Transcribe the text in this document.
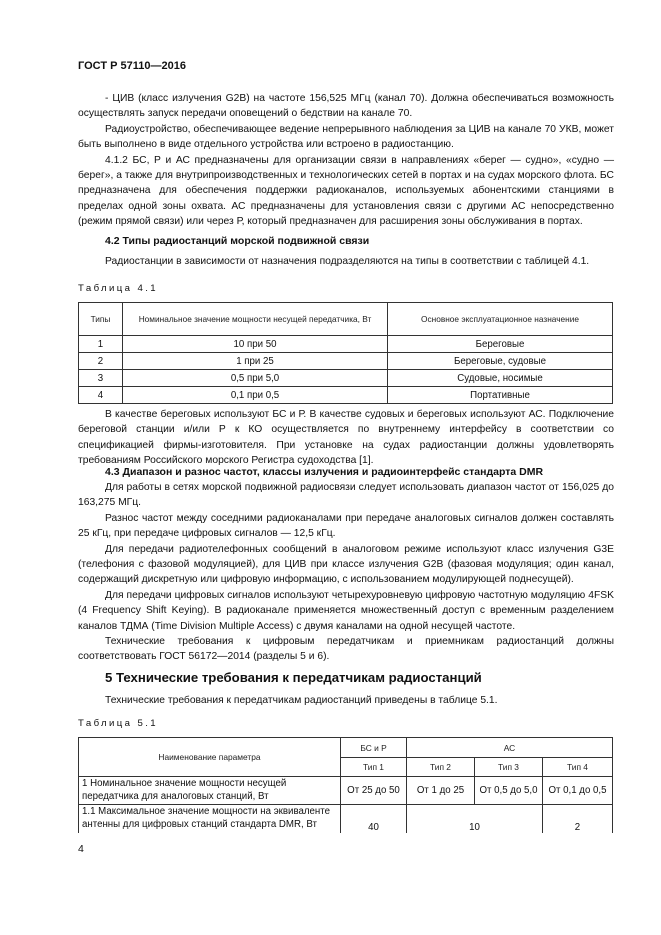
ГОСТ Р 57110—2016

- ЦИВ (класс излучения G2B) на частоте 156,525 МГц (канал 70). Должна обеспечиваться возможность осуществлять запуск передачи оповещений о бедствии на канале 70.

Радиоустройство, обеспечивающее ведение непрерывного наблюдения за ЦИВ на канале 70 УКВ, может быть выполнено в виде отдельного устройства или встроено в радиостанцию.

4.1.2 БС, Р и АС предназначены для организации связи в направлениях «берег — судно», «судно — берег», а также для внутрипроизводственных и технологических сетей в портах и на судах морского флота. БС предназначена для обеспечения поддержки радиоканалов, используемых абонентскими станциями в пределах одной зоны охвата. АС предназначены для установления связи с другими АС непосредственно (режим прямой связи) или через Р, который предназначен для расширения зоны обслуживания в портах.

4.2 Типы радиостанций морской подвижной связи

Радиостанции в зависимости от назначения подразделяются на типы в соответствии с таблицей 4.1.

Таблица 4.1
Типы	Номинальное значение мощности несущей передатчика, Вт	Основное эксплуатационное назначение
1	10 при 50	Береговые
2	1 при 25	Береговые, судовые
3	0,5 при 5,0	Судовые, носимые
4	0,1 при 0,5	Портативные

В качестве береговых используют БС и Р. В качестве судовых и береговых используют АС. Подключение береговой станции и/или Р к КО осуществляется по внутреннему интерфейсу в соответствии со спецификацией фирмы-изготовителя. При установке на судах радиостанции должны удовлетворять требованиям Российского морского Регистра судоходства [1].

4.3 Диапазон и разнос частот, классы излучения и радиоинтерфейс стандарта DMR

Для работы в сетях морской подвижной радиосвязи следует использовать диапазон частот от 156,025 до 163,275 МГц.

Разнос частот между соседними радиоканалами при передаче аналоговых сигналов должен составлять 25 кГц, при передаче цифровых сигналов — 12,5 кГц.

Для передачи радиотелефонных сообщений в аналоговом режиме используют класс излучения G3E (телефония с фазовой модуляцией), для ЦИВ при классе излучения G2B (фазовая модуляция; один канал, содержащий дискретную или цифровую информацию, с использованием модулирующей поднесущей).

Для передачи цифровых сигналов используют четырехуровневую цифровую частотную модуляцию 4FSK (4 Frequency Shift Keying). В радиоканале применяется множественный доступ с временным разделением каналов ТДМА (Time Division Multiple Access) с двумя каналами на одной несущей частоте.

Технические требования к цифровым передатчикам и приемникам радиостанций должны соответствовать ГОСТ 56172—2014 (разделы 5 и 6).

5 Технические требования к передатчикам радиостанций

Технические требования к передатчикам радиостанций приведены в таблице 5.1.

Таблица 5.1
Наименование параметра	БС и Р	АС		
	Тип 1	Тип 2	Тип 3	Тип 4
1 Номинальное значение мощности несущей передатчика для аналоговых станций, Вт	От 25 до 50	От 1 до 25	От 0,5 до 5,0	От 0,1 до 0,5
1.1 Максимальное значение мощности на эквиваленте антенны для цифровых станций стандарта DMR, Вт	40	10		2
4
